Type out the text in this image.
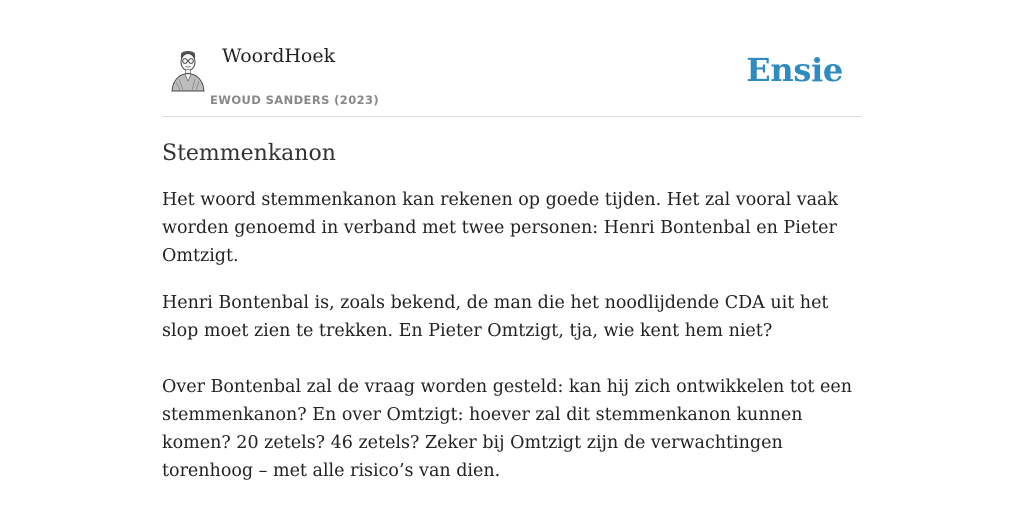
WoordHoek
EWOUD SANDERS (2023)
Ensie
Stemmenkanon

Het woord stemmenkanon kan rekenen op goede tijden. Het zal vooral vaak worden genoemd in verband met twee personen: Henri Bontenbal en Pieter Omtzigt.

Henri Bontenbal is, zoals bekend, de man die het noodlijdende CDA uit het slop moet zien te trekken. En Pieter Omtzigt, tja, wie kent hem niet?

Over Bontenbal zal de vraag worden gesteld: kan hij zich ontwikkelen tot een stemmenkanon? En over Omtzigt: hoever zal dit stemmenkanon kunnen komen? 20 zetels? 46 zetels? Zeker bij Omtzigt zijn de verwachtingen torenhoog – met alle risico’s van dien.
